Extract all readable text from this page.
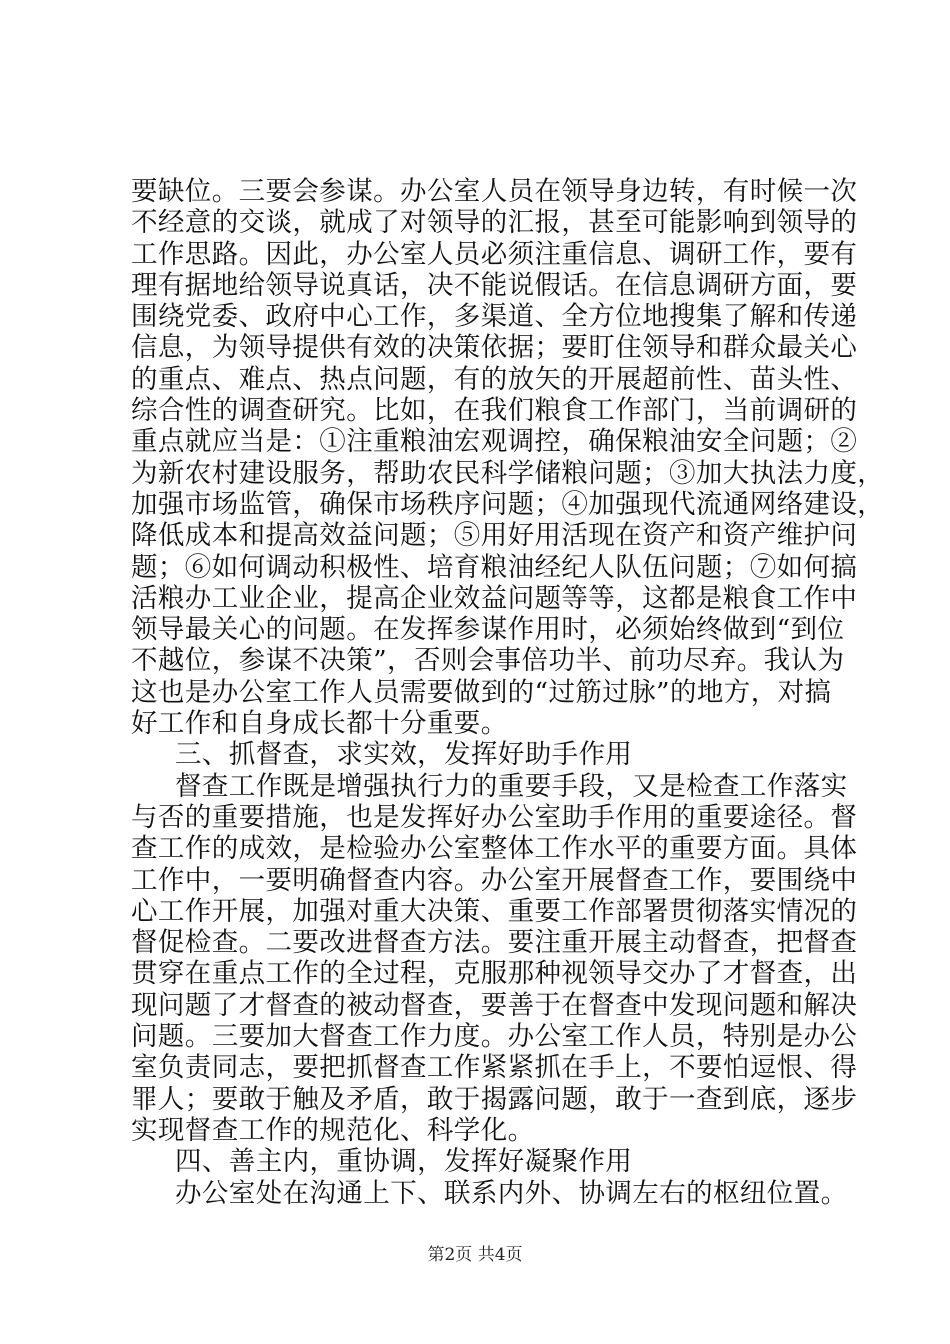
要缺位。三要会参谋。办公室人员在领导身边转，有时候一次
不经意的交谈，就成了对领导的汇报，甚至可能影响到领导的
工作思路。因此，办公室人员必须注重信息、调研工作，要有
理有据地给领导说真话，决不能说假话。在信息调研方面，要
围绕党委、政府中心工作，多渠道、全方位地搜集了解和传递
信息，为领导提供有效的决策依据；要盯住领导和群众最关心
的重点、难点、热点问题，有的放矢的开展超前性、苗头性、
综合性的调查研究。比如，在我们粮食工作部门，当前调研的
重点就应当是：①注重粮油宏观调控，确保粮油安全问题；②
为新农村建设服务，帮助农民科学储粮问题；③加大执法力度，
加强市场监管，确保市场秩序问题；④加强现代流通网络建设，
降低成本和提高效益问题；⑤用好用活现在资产和资产维护问
题；⑥如何调动积极性、培育粮油经纪人队伍问题；⑦如何搞
活粮办工业企业，提高企业效益问题等等，这都是粮食工作中
领导最关心的问题。在发挥参谋作用时，必须始终做到“到位
不越位，参谋不决策”，否则会事倍功半、前功尽弃。我认为
这也是办公室工作人员需要做到的“过筋过脉”的地方，对搞
好工作和自身成长都十分重要。
三、抓督查，求实效，发挥好助手作用
督查工作既是增强执行力的重要手段，又是检查工作落实
与否的重要措施，也是发挥好办公室助手作用的重要途径。督
查工作的成效，是检验办公室整体工作水平的重要方面。具体
工作中，一要明确督查内容。办公室开展督查工作，要围绕中
心工作开展，加强对重大决策、重要工作部署贯彻落实情况的
督促检查。二要改进督查方法。要注重开展主动督查，把督查
贯穿在重点工作的全过程，克服那种视领导交办了才督查，出
现问题了才督查的被动督查，要善于在督查中发现问题和解决
问题。三要加大督查工作力度。办公室工作人员，特别是办公
室负责同志，要把抓督查工作紧紧抓在手上，不要怕逗恨、得
罪人；要敢于触及矛盾，敢于揭露问题，敢于一查到底，逐步
实现督查工作的规范化、科学化。
四、善主内，重协调，发挥好凝聚作用
办公室处在沟通上下、联系内外、协调左右的枢纽位置。
第2页 共4页
